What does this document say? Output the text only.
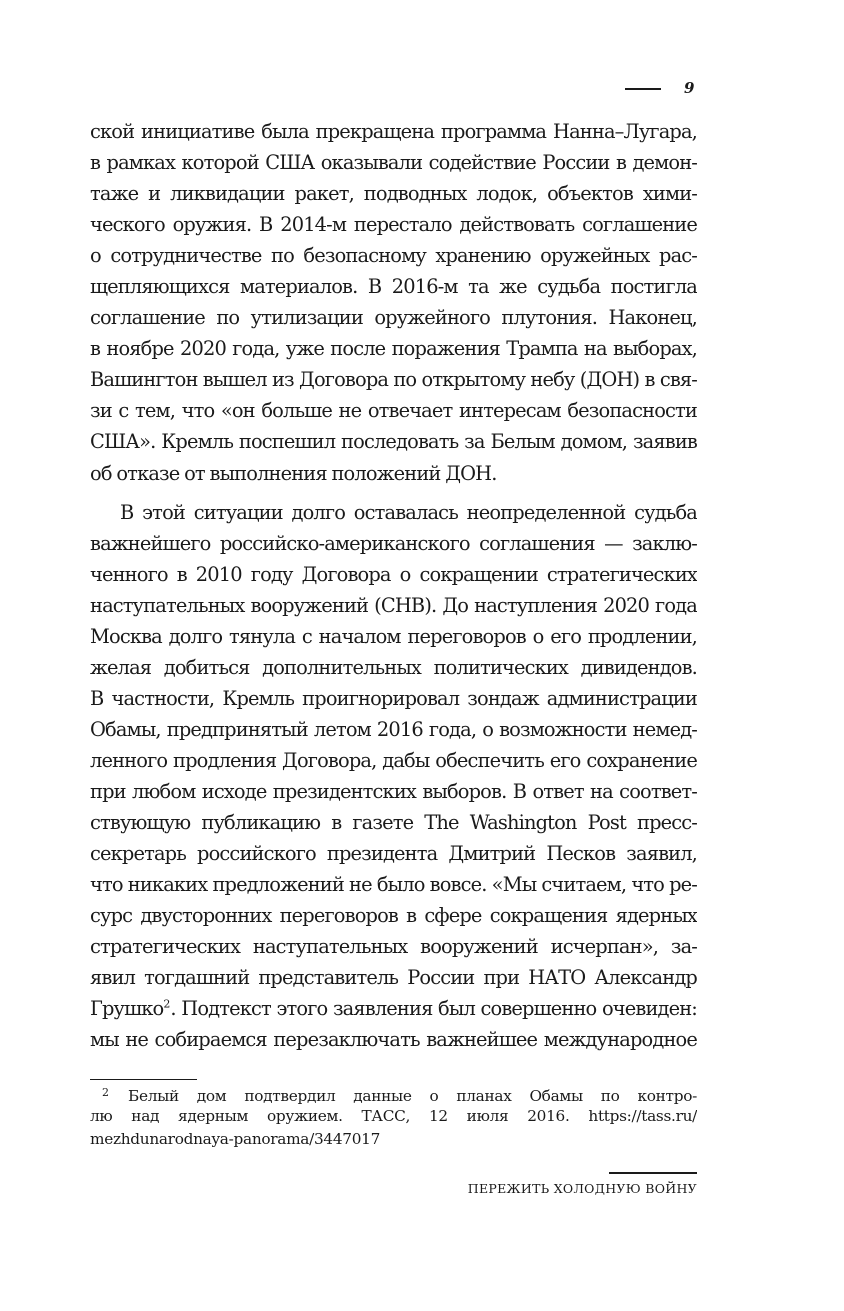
9
ской инициативе была прекращена программа Нанна–Лугара,
в рамках которой США оказывали содействие России в демон-
таже и ликвидации ракет, подводных лодок, объектов хими-
ческого оружия. В 2014-м перестало действовать соглашение
о сотрудничестве по безопасному хранению оружейных рас-
щепляющихся материалов. В 2016-м та же судьба постигла
соглашение по утилизации оружейного плутония. Наконец,
в ноябре 2020 года, уже после поражения Трампа на выборах,
Вашингтон вышел из Договора по открытому небу (ДОН) в свя-
зи с тем, что «он больше не отвечает интересам безопасности
США». Кремль поспешил последовать за Белым домом, заявив
об отказе от выполнения положений ДОН.
В этой ситуации долго оставалась неопределенной судьба
важнейшего российско-американского соглашения — заклю-
ченного в 2010 году Договора о сокращении стратегических
наступательных вооружений (СНВ). До наступления 2020 года
Москва долго тянула с началом переговоров о его продлении,
желая добиться дополнительных политических дивидендов.
В частности, Кремль проигнорировал зондаж администрации
Обамы, предпринятый летом 2016 года, о возможности немед-
ленного продления Договора, дабы обеспечить его сохранение
при любом исходе президентских выборов. В ответ на соответ-
ствующую публикацию в газете The Washington Post пресс-
секретарь российского президента Дмитрий Песков заявил,
что никаких предложений не было вовсе. «Мы считаем, что ре-
сурс двусторонних переговоров в сфере сокращения ядерных
стратегических наступательных вооружений исчерпан», за-
явил тогдашний представитель России при НАТО Александр
Грушко$^2$. Подтекст этого заявления был совершенно очевиден:
мы не собираемся перезаключать важнейшее международное
2 Белый дом подтвердил данные о планах Обамы по контро-
лю над ядерным оружием. ТАСС, 12 июля 2016. https://tass.ru/
mezhdunarodnaya-panorama/3447017
ПЕРЕЖИТЬ ХОЛОДНУЮ ВОЙНУ
